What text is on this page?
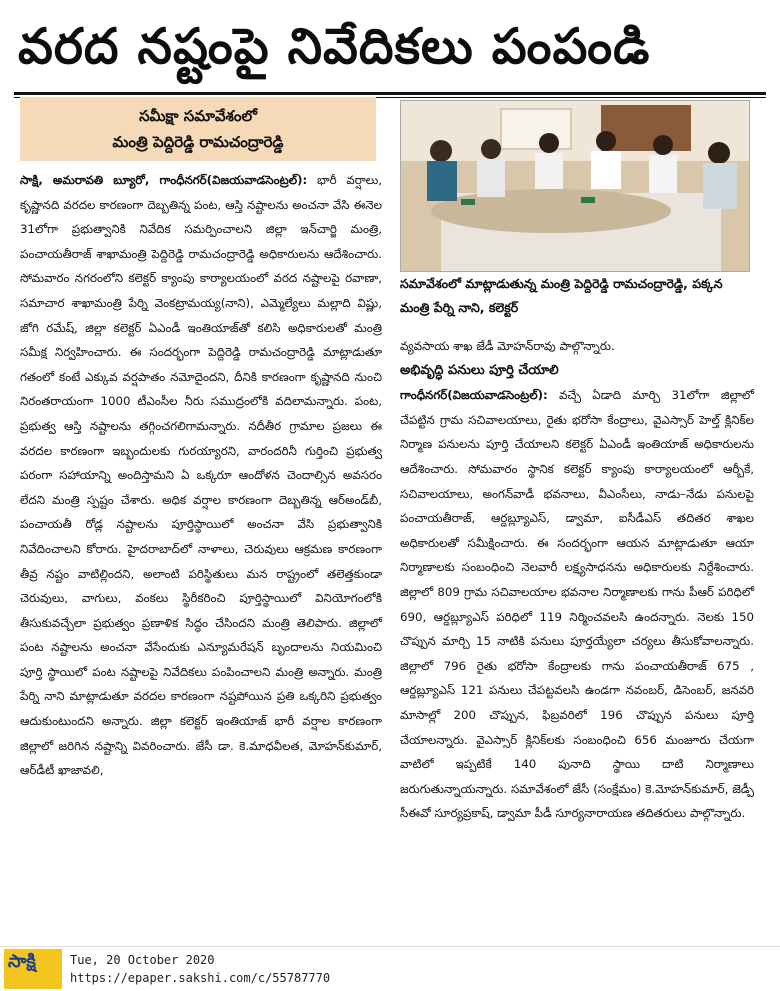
వరద నష్టంపై నివేదికలు పంపండి
సమీక్షా సమావేశంలో
మంత్రి పెద్దిరెడ్డి రామచంద్రారెడ్డి

సాక్షి, అమరావతి బ్యూరో, గాంధీనగర్(విజయవాడసెంట్రల్): భారీ వర్షాలు, కృష్ణానది వరదల కారణంగా దెబ్బతిన్న పంట, ఆస్తి నష్టాలను అంచనా వేసి ఈనెల 31లోగా ప్రభుత్వానికి నివేదిక సమర్పించాలని జిల్లా ఇన్‌చార్జి మంత్రి, పంచాయతీరాజ్ శాఖామంత్రి పెద్దిరెడ్డి రామచంద్రారెడ్డి అధికారులను ఆదేశించారు. సోమవారం నగరంలోని కలెక్టర్ క్యాంపు కార్యాలయంలో వరద నష్టాలపై రవాణా, సమాచార శాఖామంత్రి పేర్ని వెంకట్రామయ్య(నాని), ఎమ్మెల్యేలు మల్లాది విష్ణు, జోగి రమేష్, జిల్లా కలెక్టర్ ఏఎండీ ఇంతియాజ్‌తో కలిసి అధికారులతో మంత్రి సమీక్ష నిర్వహించారు. ఈ సందర్భంగా పెద్దిరెడ్డి రామచంద్రారెడ్డి మాట్లాడుతూ గతంలో కంటే ఎక్కువ వర్షపాతం నమోదైందని, దీనికి కారణంగా కృష్ణానది నుంచి నిరంతరాయంగా 1000 టీఎంసీల నీరు సముద్రంలోకి వదిలామన్నారు. పంట, ప్రభుత్వ ఆస్తి నష్టాలను తగ్గించగలిగామన్నారు. నదీతీర గ్రామాల ప్రజలు ఈ వరదల కారణంగా ఇబ్బందులకు గురయ్యారని, వారందరినీ గుర్తించి ప్రభుత్వ పరంగా సహాయాన్ని అందిస్తామని ఏ ఒక్కరూ ఆందోళన చెందాల్సిన అవసరం లేదని మంత్రి స్పష్టం చేశారు. అధిక వర్షాల కారణంగా దెబ్బతిన్న ఆర్అండ్‌బీ, పంచాయతీ రోడ్ల నష్టాలను పూర్తిస్థాయిలో అంచనా వేసి ప్రభుత్వానికి నివేదించాలని కోరారు. హైదరాబాద్‌లో నాళాలు, చెరువులు ఆక్రమణ కారణంగా తీవ్ర నష్టం వాటిల్లిందని, అలాంటి పరిస్థితులు మన రాష్ట్రంలో తలెత్తకుండా చెరువులు, వాగులు, వంకలు స్థిరీకరించి పూర్తిస్థాయిలో వినియోగంలోకి తీసుకువచ్చేలా ప్రభుత్వం ప్రణాళిక సిద్ధం చేసిందని మంత్రి తెలిపారు. జిల్లాలో పంట నష్టాలను అంచనా వేసేందుకు ఎన్యూమరేషన్ బృందాలను నియమించి పూర్తి స్థాయిలో పంట నష్టాలపై నివేదికలు పంపించాలని మంత్రి అన్నారు. మంత్రి పేర్ని నాని మాట్లాడుతూ వరదల కారణంగా నష్టపోయిన ప్రతి ఒక్కరిని ప్రభుత్వం ఆదుకుంటుందని అన్నారు. జిల్లా కలెక్టర్ ఇంతియాజ్ భారీ వర్షాల కారణంగా జిల్లాలో జరిగిన నష్టాన్ని వివరించారు. జేసీ డా. కె.మాధవీలత, మోహన్‌కుమార్, ఆర్‌డీటీ ఖాజావలి,

సమావేశంలో మాట్లాడుతున్న మంత్రి పెద్దిరెడ్డి రామచంద్రారెడ్డి, పక్కన మంత్రి పేర్ని నాని, కలెక్టర్

వ్యవసాయ శాఖ జేడీ మోహన్‌రావు పాల్గొన్నారు.

అభివృద్ధి పనులు పూర్తి చేయాలి

గాంధీనగర్(విజయవాడసెంట్రల్): వచ్చే ఏడాది మార్చి 31లోగా జిల్లాలో చేపట్టిన గ్రామ సచివాలయాలు, రైతు భరోసా కేంద్రాలు, వైఎస్సార్ హెల్త్ క్లినిక్‌ల నిర్మాణ పనులను పూర్తి చేయాలని కలెక్టర్ ఏఎండీ ఇంతియాజ్ అధికారులను ఆదేశించారు. సోమవారం స్థానిక కలెక్టర్ క్యాంపు కార్యాలయంలో ఆర్బీకే, సచివాలయాలు, అంగన్‌వాడీ భవనాలు, వీఎంసీలు, నాడు–నేడు పనులపై పంచాయతీరాజ్, ఆర్డబ్ల్యూఎస్, డ్వామా, ఐసీడీఎస్ తదితర శాఖల అధికారులతో సమీక్షించారు. ఈ సందర్భంగా ఆయన మాట్లాడుతూ ఆయా నిర్మాణాలకు సంబంధించి నెలవారీ లక్ష్యసాధనను అధికారులకు నిర్దేశించారు. జిల్లాలో 809 గ్రామ సచివాలయాల భవనాల నిర్మాణాలకు గాను పీఆర్ పరిధిలో 690, ఆర్డబ్ల్యూఎస్ పరిధిలో 119 నిర్మించవలసి ఉందన్నారు. నెలకు 150 చొప్పున మార్చి 15 నాటికి పనులు పూర్తయ్యేలా చర్యలు తీసుకోవాలన్నారు. జిల్లాలో 796 రైతు భరోసా కేంద్రాలకు గాను పంచాయతీరాజ్ 675 , ఆర్డబ్ల్యూఎస్ 121 పనులు చేపట్టవలసి ఉండగా నవంబర్, డిసెంబర్, జనవరి మాసాల్లో 200 చొప్పున, ఫిబ్రవరిలో 196 చొప్పున పనులు పూర్తి చేయాలన్నారు. వైఎస్సార్ క్లినిక్‌లకు సంబంధించి 656 మంజూరు చేయగా వాటిలో ఇప్పటికే 140 పునాది స్థాయి దాటి నిర్మాణాలు జరుగుతున్నాయన్నారు. సమావేశంలో జేసీ (సంక్షేమం) కె.మోహన్‌కుమార్, జెడ్పీ సీఈవో సూర్యప్రకాష్, డ్వామా పీడీ సూర్యనారాయణ తదితరులు పాల్గొన్నారు.

సాక్షి	Tue, 20 October 2020
https://epaper.sakshi.com/c/55787770
